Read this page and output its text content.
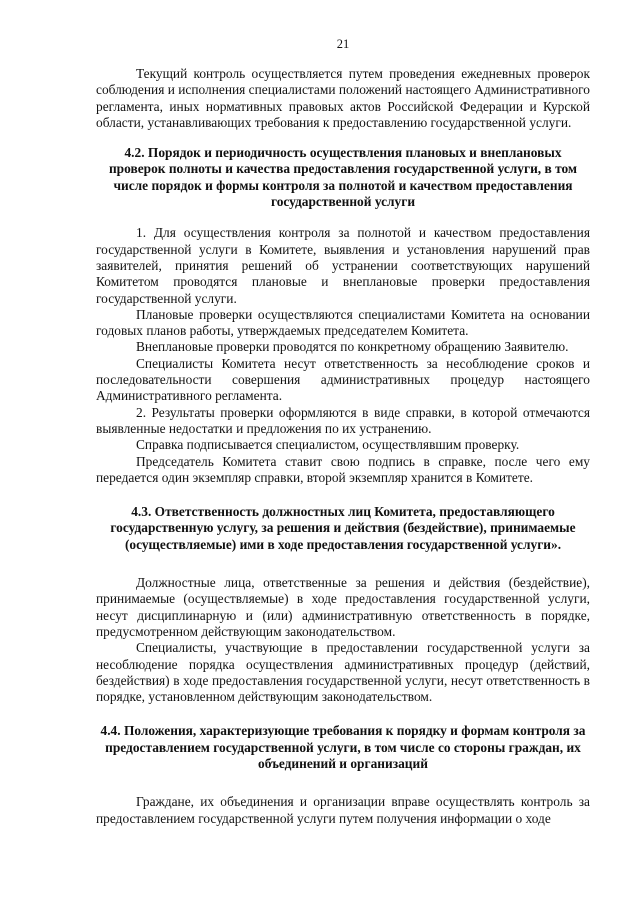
21

Текущий контроль осуществляется путем проведения ежедневных проверок соблюдения и исполнения специалистами положений настоящего Административного регламента, иных нормативных правовых актов Российской Федерации и Курской области, устанавливающих требования к предоставлению государственной услуги.

4.2. Порядок и периодичность осуществления плановых и внеплановых проверок полноты и качества предоставления государственной услуги, в том числе порядок и формы контроля за полнотой и качеством предоставления государственной услуги

1. Для осуществления контроля за полнотой и качеством предоставления государственной услуги в Комитете, выявления и установления нарушений прав заявителей, принятия решений об устранении соответствующих нарушений Комитетом проводятся плановые и внеплановые проверки предоставления государственной услуги.

Плановые проверки осуществляются специалистами Комитета на основании годовых планов работы, утверждаемых председателем Комитета.

Внеплановые проверки проводятся по конкретному обращению Заявителю.

Специалисты Комитета несут ответственность за несоблюдение сроков и последовательности совершения административных процедур настоящего Административного регламента.

2. Результаты проверки оформляются в виде справки, в которой отмечаются выявленные недостатки и предложения по их устранению.

Справка подписывается специалистом, осуществлявшим проверку.

Председатель Комитета ставит свою подпись в справке, после чего ему передается один экземпляр справки, второй экземпляр хранится в Комитете.

4.3. Ответственность должностных лиц Комитета, предоставляющего государственную услугу, за решения и действия (бездействие), принимаемые (осуществляемые) ими в ходе предоставления государственной услуги».

Должностные лица, ответственные за решения и действия (бездействие), принимаемые (осуществляемые) в ходе предоставления государственной услуги, несут дисциплинарную и (или) административную ответственность в порядке, предусмотренном действующим законодательством.

Специалисты, участвующие в предоставлении государственной услуги за несоблюдение порядка осуществления административных процедур (действий, бездействия) в ходе предоставления государственной услуги, несут ответственность в порядке, установленном действующим законодательством.

4.4. Положения, характеризующие требования к порядку и формам контроля за предоставлением государственной услуги, в том числе со стороны граждан, их объединений и организаций

Граждане, их объединения и организации вправе осуществлять контроль за предоставлением государственной услуги путем получения информации о ходе
